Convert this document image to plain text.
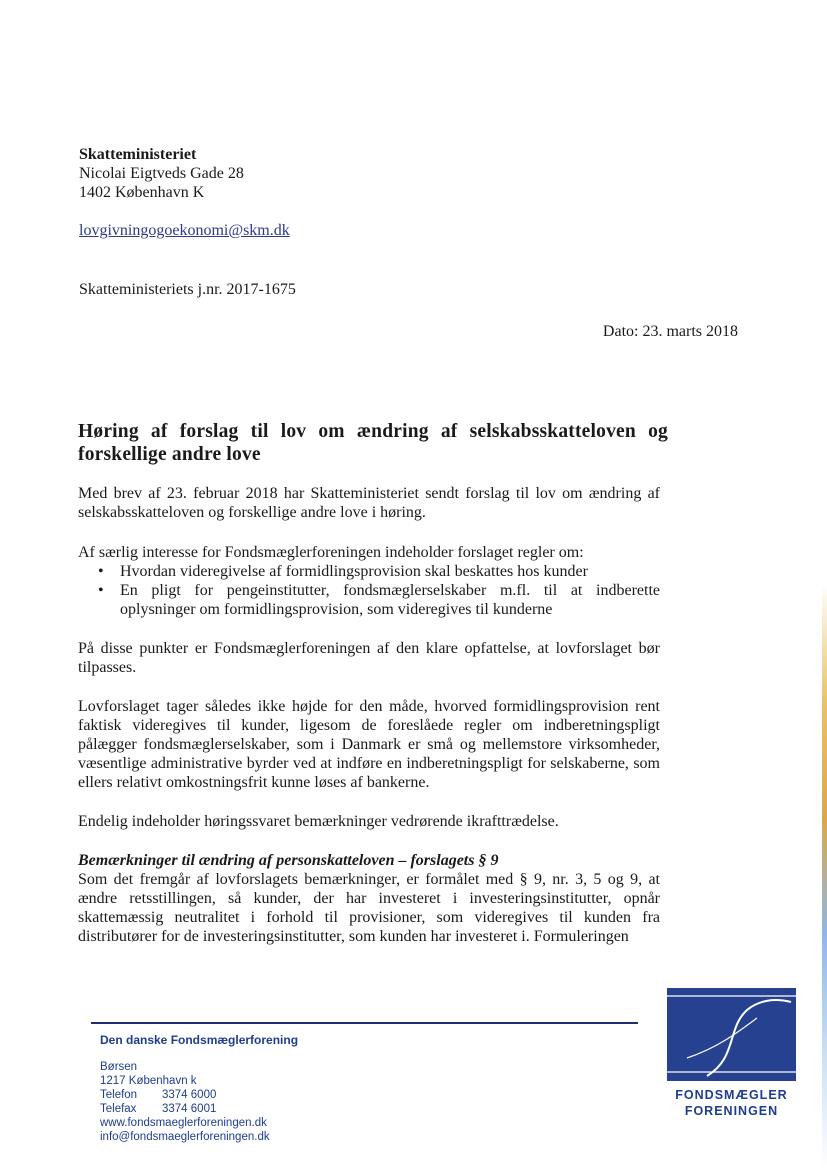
Skatteministeriet
Nicolai Eigtveds Gade 28
1402 København K
lovgivningogoekonomi@skm.dk
Skatteministeriets j.nr. 2017-1675
Dato: 23. marts 2018
Høring af forslag til lov om ændring af selskabsskatteloven og
forskellige andre love
Med brev af 23. februar 2018 har Skatteministeriet sendt forslag til lov om ændring af selskabsskatteloven og forskellige andre love i høring.
Af særlig interesse for Fondsmæglerforeningen indeholder forslaget regler om:
• Hvordan videregivelse af formidlingsprovision skal beskattes hos kunder
• En pligt for pengeinstitutter, fondsmæglerselskaber m.fl. til at indberette oplysninger om formidlingsprovision, som videregives til kunderne
På disse punkter er Fondsmæglerforeningen af den klare opfattelse, at lovforslaget bør tilpasses.
Lovforslaget tager således ikke højde for den måde, hvorved formidlingsprovision rent faktisk videregives til kunder, ligesom de foreslåede regler om indberetningspligt pålægger fondsmæglerselskaber, som i Danmark er små og mellemstore virksomheder, væsentlige administrative byrder ved at indføre en indberetningspligt for selskaberne, som ellers relativt omkostningsfrit kunne løses af bankerne.
Endelig indeholder høringssvaret bemærkninger vedrørende ikrafttrædelse.
Bemærkninger til ændring af personskatteloven – forslagets § 9
Som det fremgår af lovforslagets bemærkninger, er formålet med § 9, nr. 3, 5 og 9, at ændre retsstillingen, så kunder, der har investeret i investeringsinstitutter, opnår skattemæssig neutralitet i forhold til provisioner, som videregives til kunden fra distributører for de investeringsinstitutter, som kunden har investeret i. Formuleringen
Den danske Fondsmæglerforening
Børsen
1217 København k
Telefon 3374 6000
Telefax 3374 6001
www.fondsmaeglerforeningen.dk
info@fondsmaeglerforeningen.dk
FONDSMÆGLER
FORENINGEN
